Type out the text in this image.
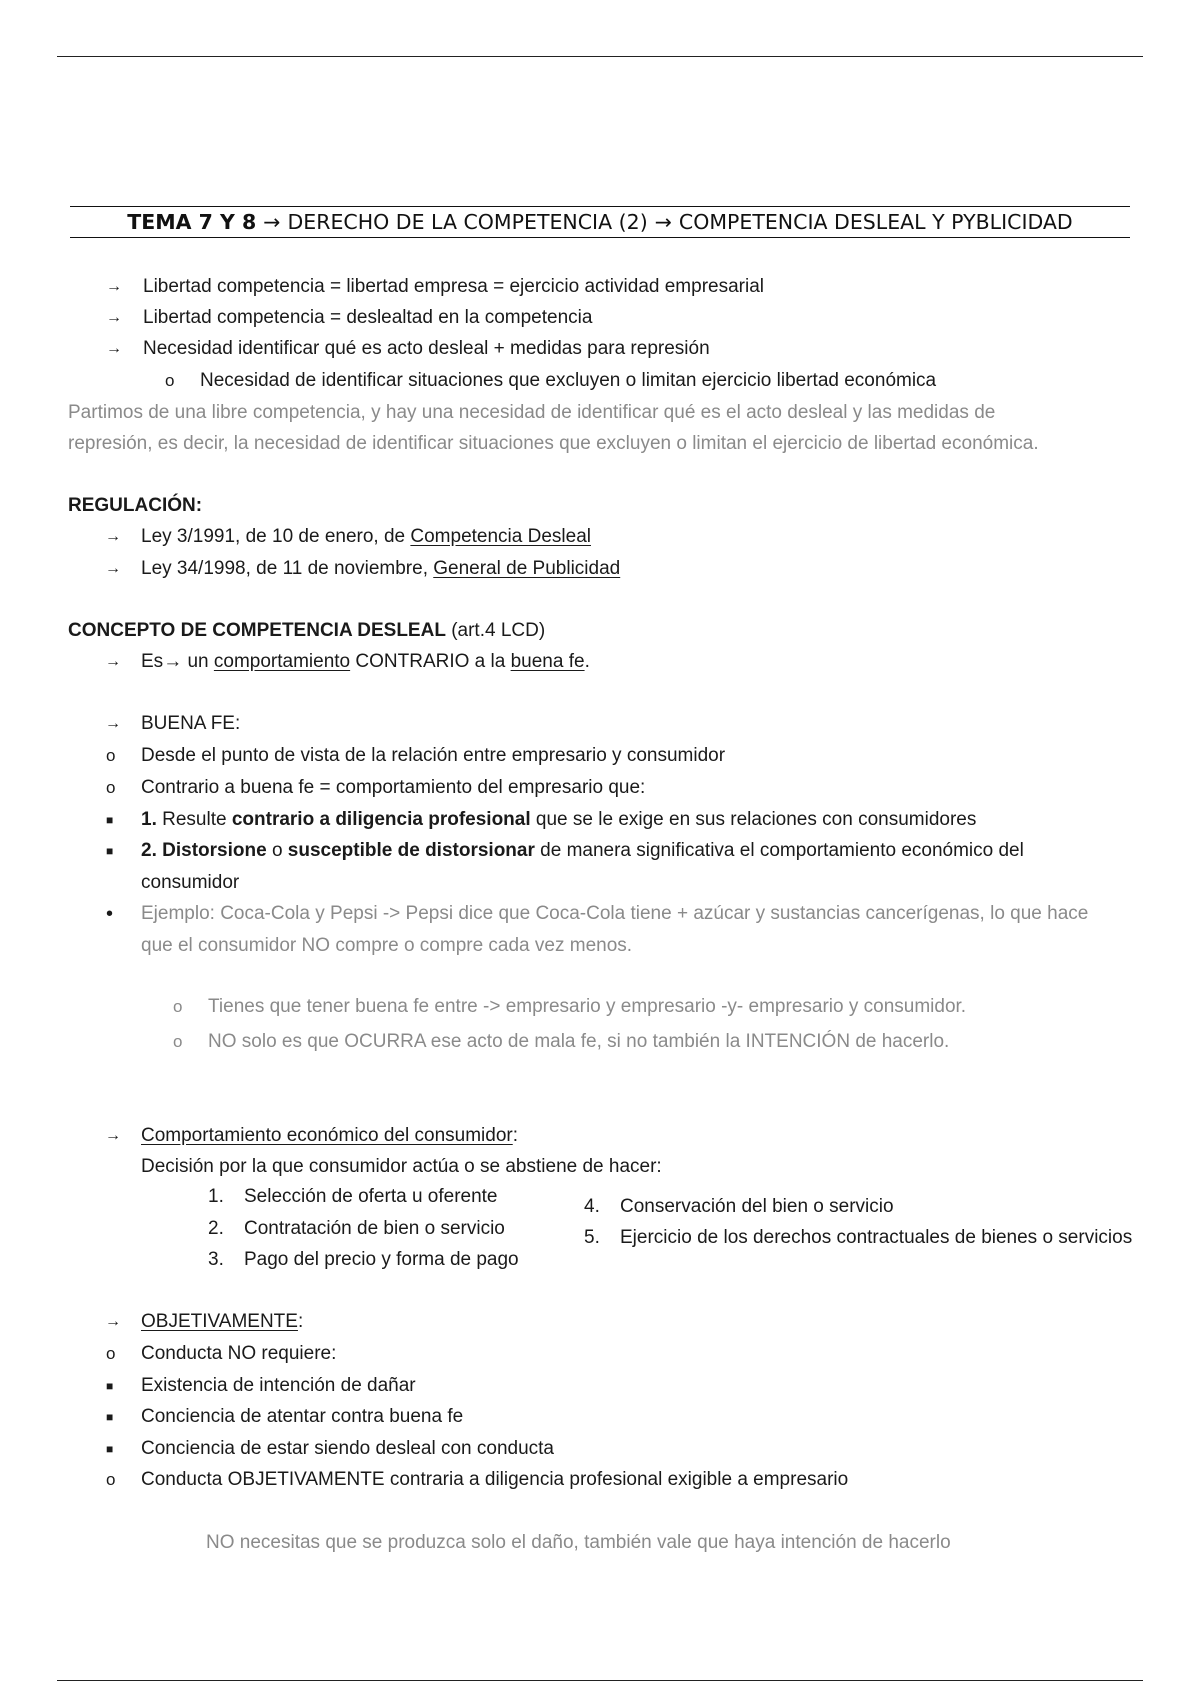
TEMA 7 Y 8 → DERECHO DE LA COMPETENCIA (2) → COMPETENCIA DESLEAL Y PYBLICIDAD
→ Libertad competencia = libertad empresa = ejercicio actividad empresarial
→ Libertad competencia = deslealtad en la competencia
→ Necesidad identificar qué es acto desleal + medidas para represión
o Necesidad de identificar situaciones que excluyen o limitan ejercicio libertad económica
Partimos de una libre competencia, y hay una necesidad de identificar qué es el acto desleal y las medidas de
represión, es decir, la necesidad de identificar situaciones que excluyen o limitan el ejercicio de libertad económica.
REGULACIÓN:
→ Ley 3/1991, de 10 de enero, de Competencia Desleal
→ Ley 34/1998, de 11 de noviembre, General de Publicidad
CONCEPTO DE COMPETENCIA DESLEAL (art.4 LCD)
→ Es→ un comportamiento CONTRARIO a la buena fe.
→ BUENA FE:
o Desde el punto de vista de la relación entre empresario y consumidor
o Contrario a buena fe = comportamiento del empresario que:
■ 1. Resulte contrario a diligencia profesional que se le exige en sus relaciones con consumidores
■ 2. Distorsione o susceptible de distorsionar de manera significativa el comportamiento económico del
consumidor
• Ejemplo: Coca-Cola y Pepsi -> Pepsi dice que Coca-Cola tiene + azúcar y sustancias cancerígenas, lo que hace
que el consumidor NO compre o compre cada vez menos.
o Tienes que tener buena fe entre -> empresario y empresario -y- empresario y consumidor.
o NO solo es que OCURRA ese acto de mala fe, si no también la INTENCIÓN de hacerlo.
→ Comportamiento económico del consumidor:
Decisión por la que consumidor actúa o se abstiene de hacer:
1. Selección de oferta u oferente
2. Contratación de bien o servicio
3. Pago del precio y forma de pago
4. Conservación del bien o servicio
5. Ejercicio de los derechos contractuales de bienes o servicios
→ OBJETIVAMENTE:
o Conducta NO requiere:
■ Existencia de intención de dañar
■ Conciencia de atentar contra buena fe
■ Conciencia de estar siendo desleal con conducta
o Conducta OBJETIVAMENTE contraria a diligencia profesional exigible a empresario
NO necesitas que se produzca solo el daño, también vale que haya intención de hacerlo
